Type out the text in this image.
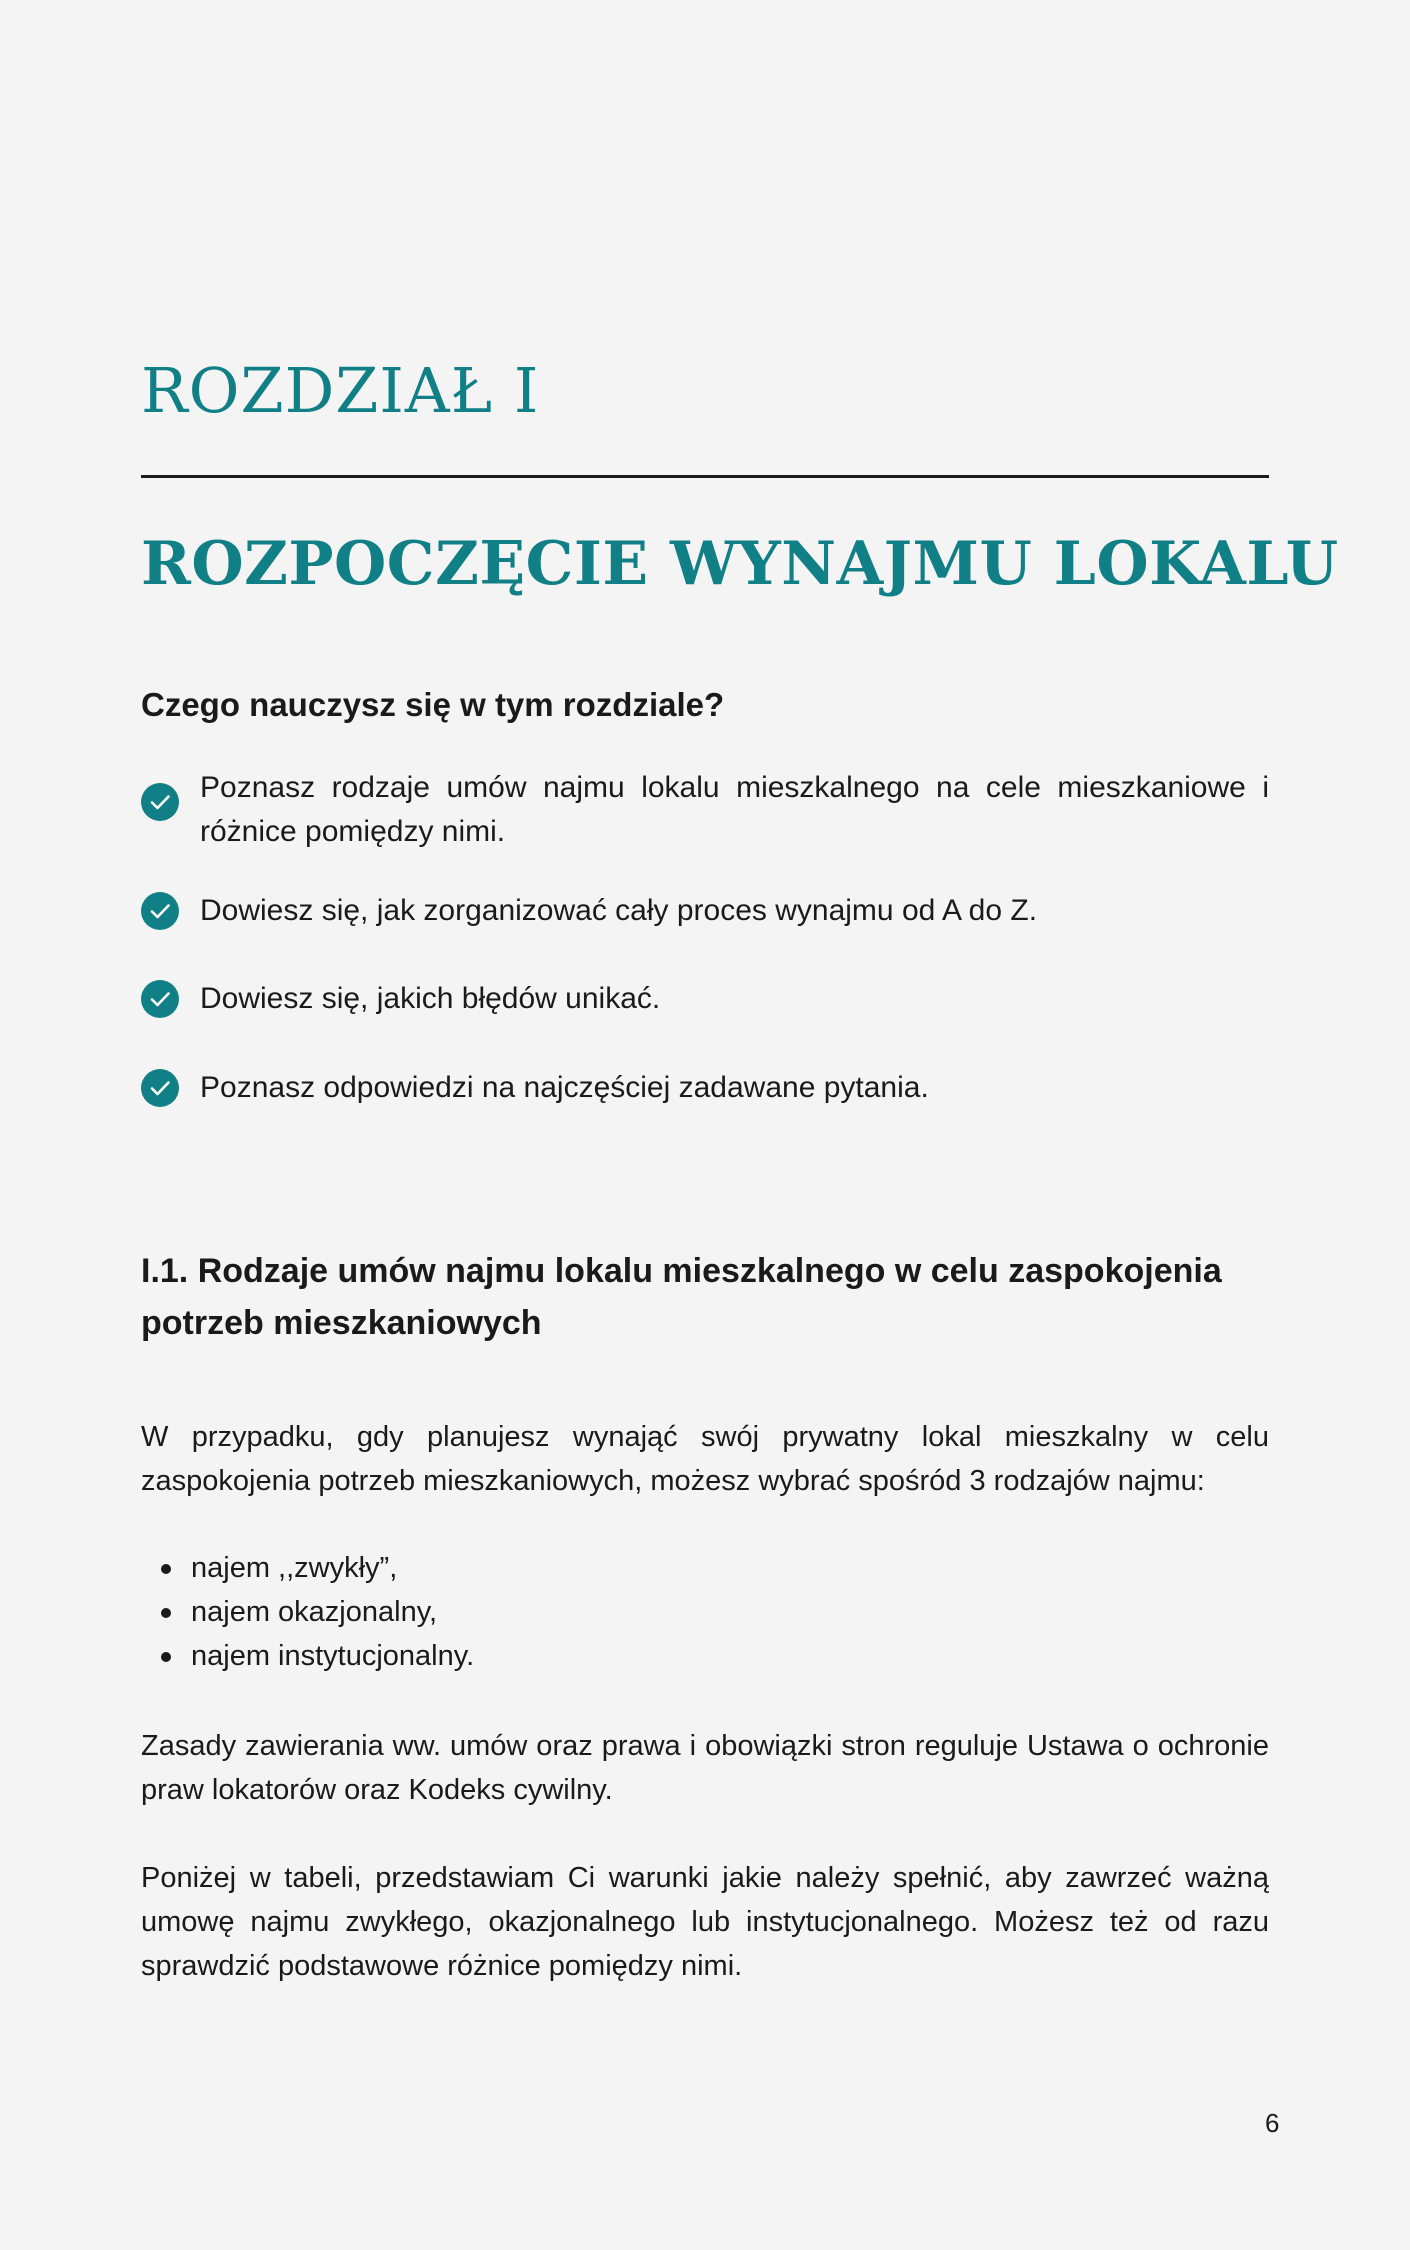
ROZDZIAŁ I
ROZPOCZĘCIE WYNAJMU LOKALU
Czego nauczysz się w tym rozdziale?
Poznasz rodzaje umów najmu lokalu mieszkalnego na cele mieszkaniowe i różnice pomiędzy nimi.
Dowiesz się, jak zorganizować cały proces wynajmu od A do Z.
Dowiesz się, jakich błędów unikać.
Poznasz odpowiedzi na najczęściej zadawane pytania.
I.1. Rodzaje umów najmu lokalu mieszkalnego w celu zaspokojenia potrzeb mieszkaniowych

W przypadku, gdy planujesz wynająć swój prywatny lokal mieszkalny w celu zaspokojenia potrzeb mieszkaniowych, możesz wybrać spośród 3 rodzajów najmu:

najem ,,zwykły”,
najem okazjonalny,
najem instytucjonalny.

Zasady zawierania ww. umów oraz prawa i obowiązki stron reguluje Ustawa o ochronie praw lokatorów oraz Kodeks cywilny.

Poniżej w tabeli, przedstawiam Ci warunki jakie należy spełnić, aby zawrzeć ważną umowę najmu zwykłego, okazjonalnego lub instytucjonalnego. Możesz też od razu sprawdzić podstawowe różnice pomiędzy nimi.

6
